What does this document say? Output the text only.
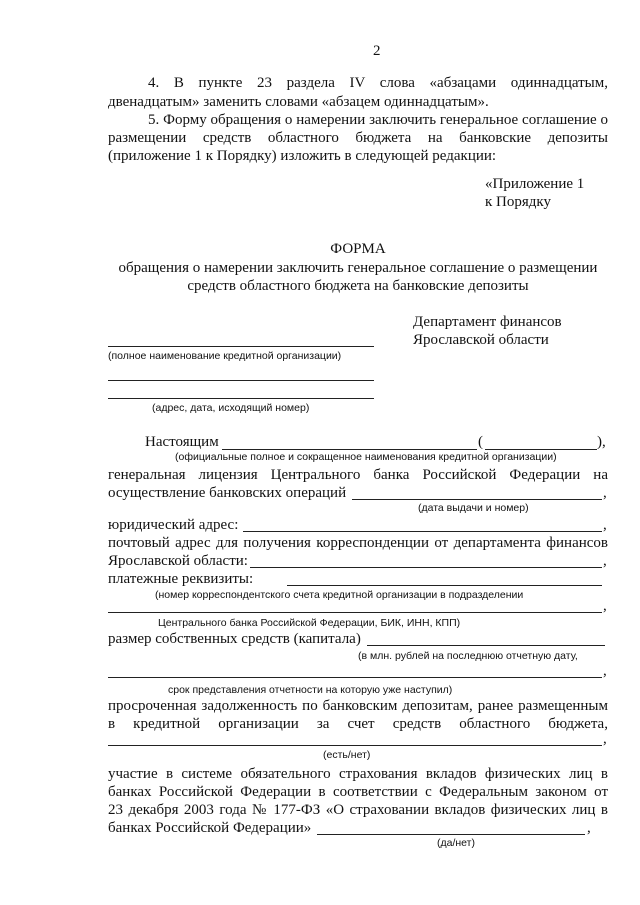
2
4. В пункте 23 раздела IV слова «абзацами одиннадцатым,
двенадцатым» заменить словами «абзацем одиннадцатым».
5. Форму обращения о намерении заключить генеральное соглашение о
размещении средств областного бюджета на банковские депозиты
(приложение 1 к Порядку) изложить в следующей редакции:
«Приложение 1
к Порядку
ФОРМА
обращения о намерении заключить генеральное соглашение о размещении
средств областного бюджета на банковские депозиты
Департамент финансов
Ярославской области
(полное наименование кредитной организации)
(адрес, дата, исходящий номер)
Настоящим	(	),
(официальные полное и сокращенное наименования кредитной организации)
генеральная лицензия Центрального банка Российской Федерации на
осуществление банковских операций	,
(дата выдачи и номер)
юридический адрес:	,
почтовый адрес для получения корреспонденции от департамента финансов
Ярославской области:	,
платежные реквизиты:
(номер корреспондентского счета кредитной организации в подразделении
,
Центрального банка Российской Федерации, БИК, ИНН, КПП)
размер собственных средств (капитала)
(в млн. рублей на последнюю отчетную дату,
,
срок представления отчетности на которую уже наступил)
просроченная задолженность по банковским депозитам, ранее размещенным
в кредитной организации за счет средств областного бюджета,
,
(есть/нет)
участие в системе обязательного страхования вкладов физических лиц в
банках Российской Федерации в соответствии с Федеральным законом от
23 декабря 2003 года № 177-ФЗ «О страховании вкладов физических лиц в
банках Российской Федерации»	,
(да/нет)
